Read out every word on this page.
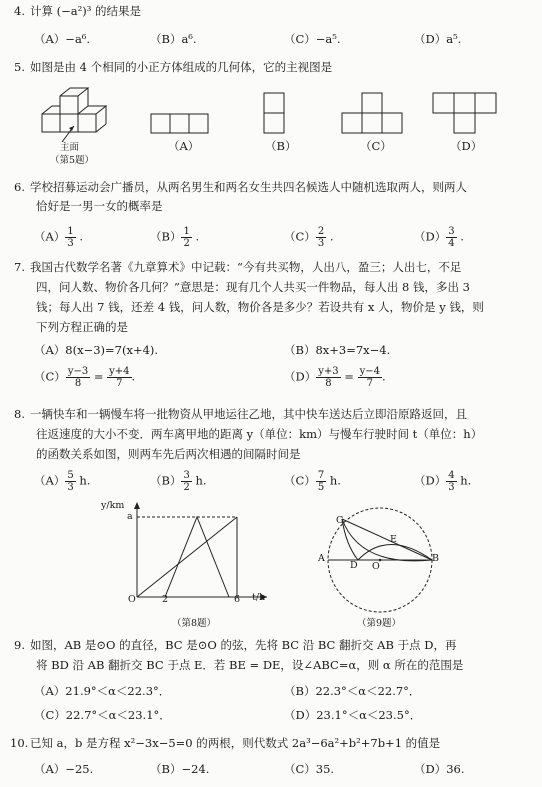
4. 计算 (−a²)³ 的结果是
（A）−a⁶.	（B）a⁶.	（C）−a⁵.	（D）a⁵.
5. 如图是由 4 个相同的小正方体组成的几何体，它的主视图是
主面
（第5题）
（A）	（B）	（C）	（D）
6. 学校招募运动会广播员，从两名男生和两名女生共四名候选人中随机选取两人，则两人
恰好是一男一女的概率是
$(A) \frac{1}{3}$ .	$(B) \frac{1}{2}$ .	$(C) \frac{2}{3}$ .	$(D) \frac{3}{4}$ .
7. 我国古代数学名著《九章算术》中记载：“今有共买物，人出八，盈三；人出七，不足
四，问人数、物价各几何？”意思是：现有几个人共买一件物品，每人出 8 钱，多出 3
钱；每人出 7 钱，还差 4 钱，问人数，物价各是多少？若设共有 x 人，物价是 y 钱，则
下列方程正确的是
（A）8(x−3)=7(x+4).	（B）8x+3=7x−4.
$(C) \frac{y-3}{8} = \frac{y+4}{7}$ .	$(D) \frac{y+3}{8} = \frac{y-4}{7}$ .
8. 一辆快车和一辆慢车将一批物资从甲地运往乙地，其中快车送达后立即沿原路返回，且
往返速度的大小不变．两车离甲地的距离 y（单位：km）与慢车行驶时间 t（单位：h）
的函数关系如图，则两车先后两次相遇的间隔时间是
$(A) \frac{5}{3} h$.	$(B) \frac{3}{2} h$.	$(C) \frac{7}{5} h$.	$(D) \frac{4}{3} h$.
y/km
a
O	2	6 t/h
（第8题）
C
E
A
D O
B
（第9题）
9. 如图，AB 是⊙O 的直径，BC 是⊙O 的弦，先将 BC 沿 BC 翻折交 AB 于点 D，再
将 BD 沿 AB 翻折交 BC 于点 E．若 BE = DE，设∠ABC=α，则 α 所在的范围是
（A）21.9°＜α＜22.3°．	（B）22.3°＜α＜22.7°．
（C）22.7°＜α＜23.1°．	（D）23.1°＜α＜23.5°．
10. 已知 a，b 是方程 x²−3x−5=0 的两根，则代数式 2a³−6a²+b²+7b+1 的值是
（A）−25.	（B）−24.	（C）35.	（D）36.
